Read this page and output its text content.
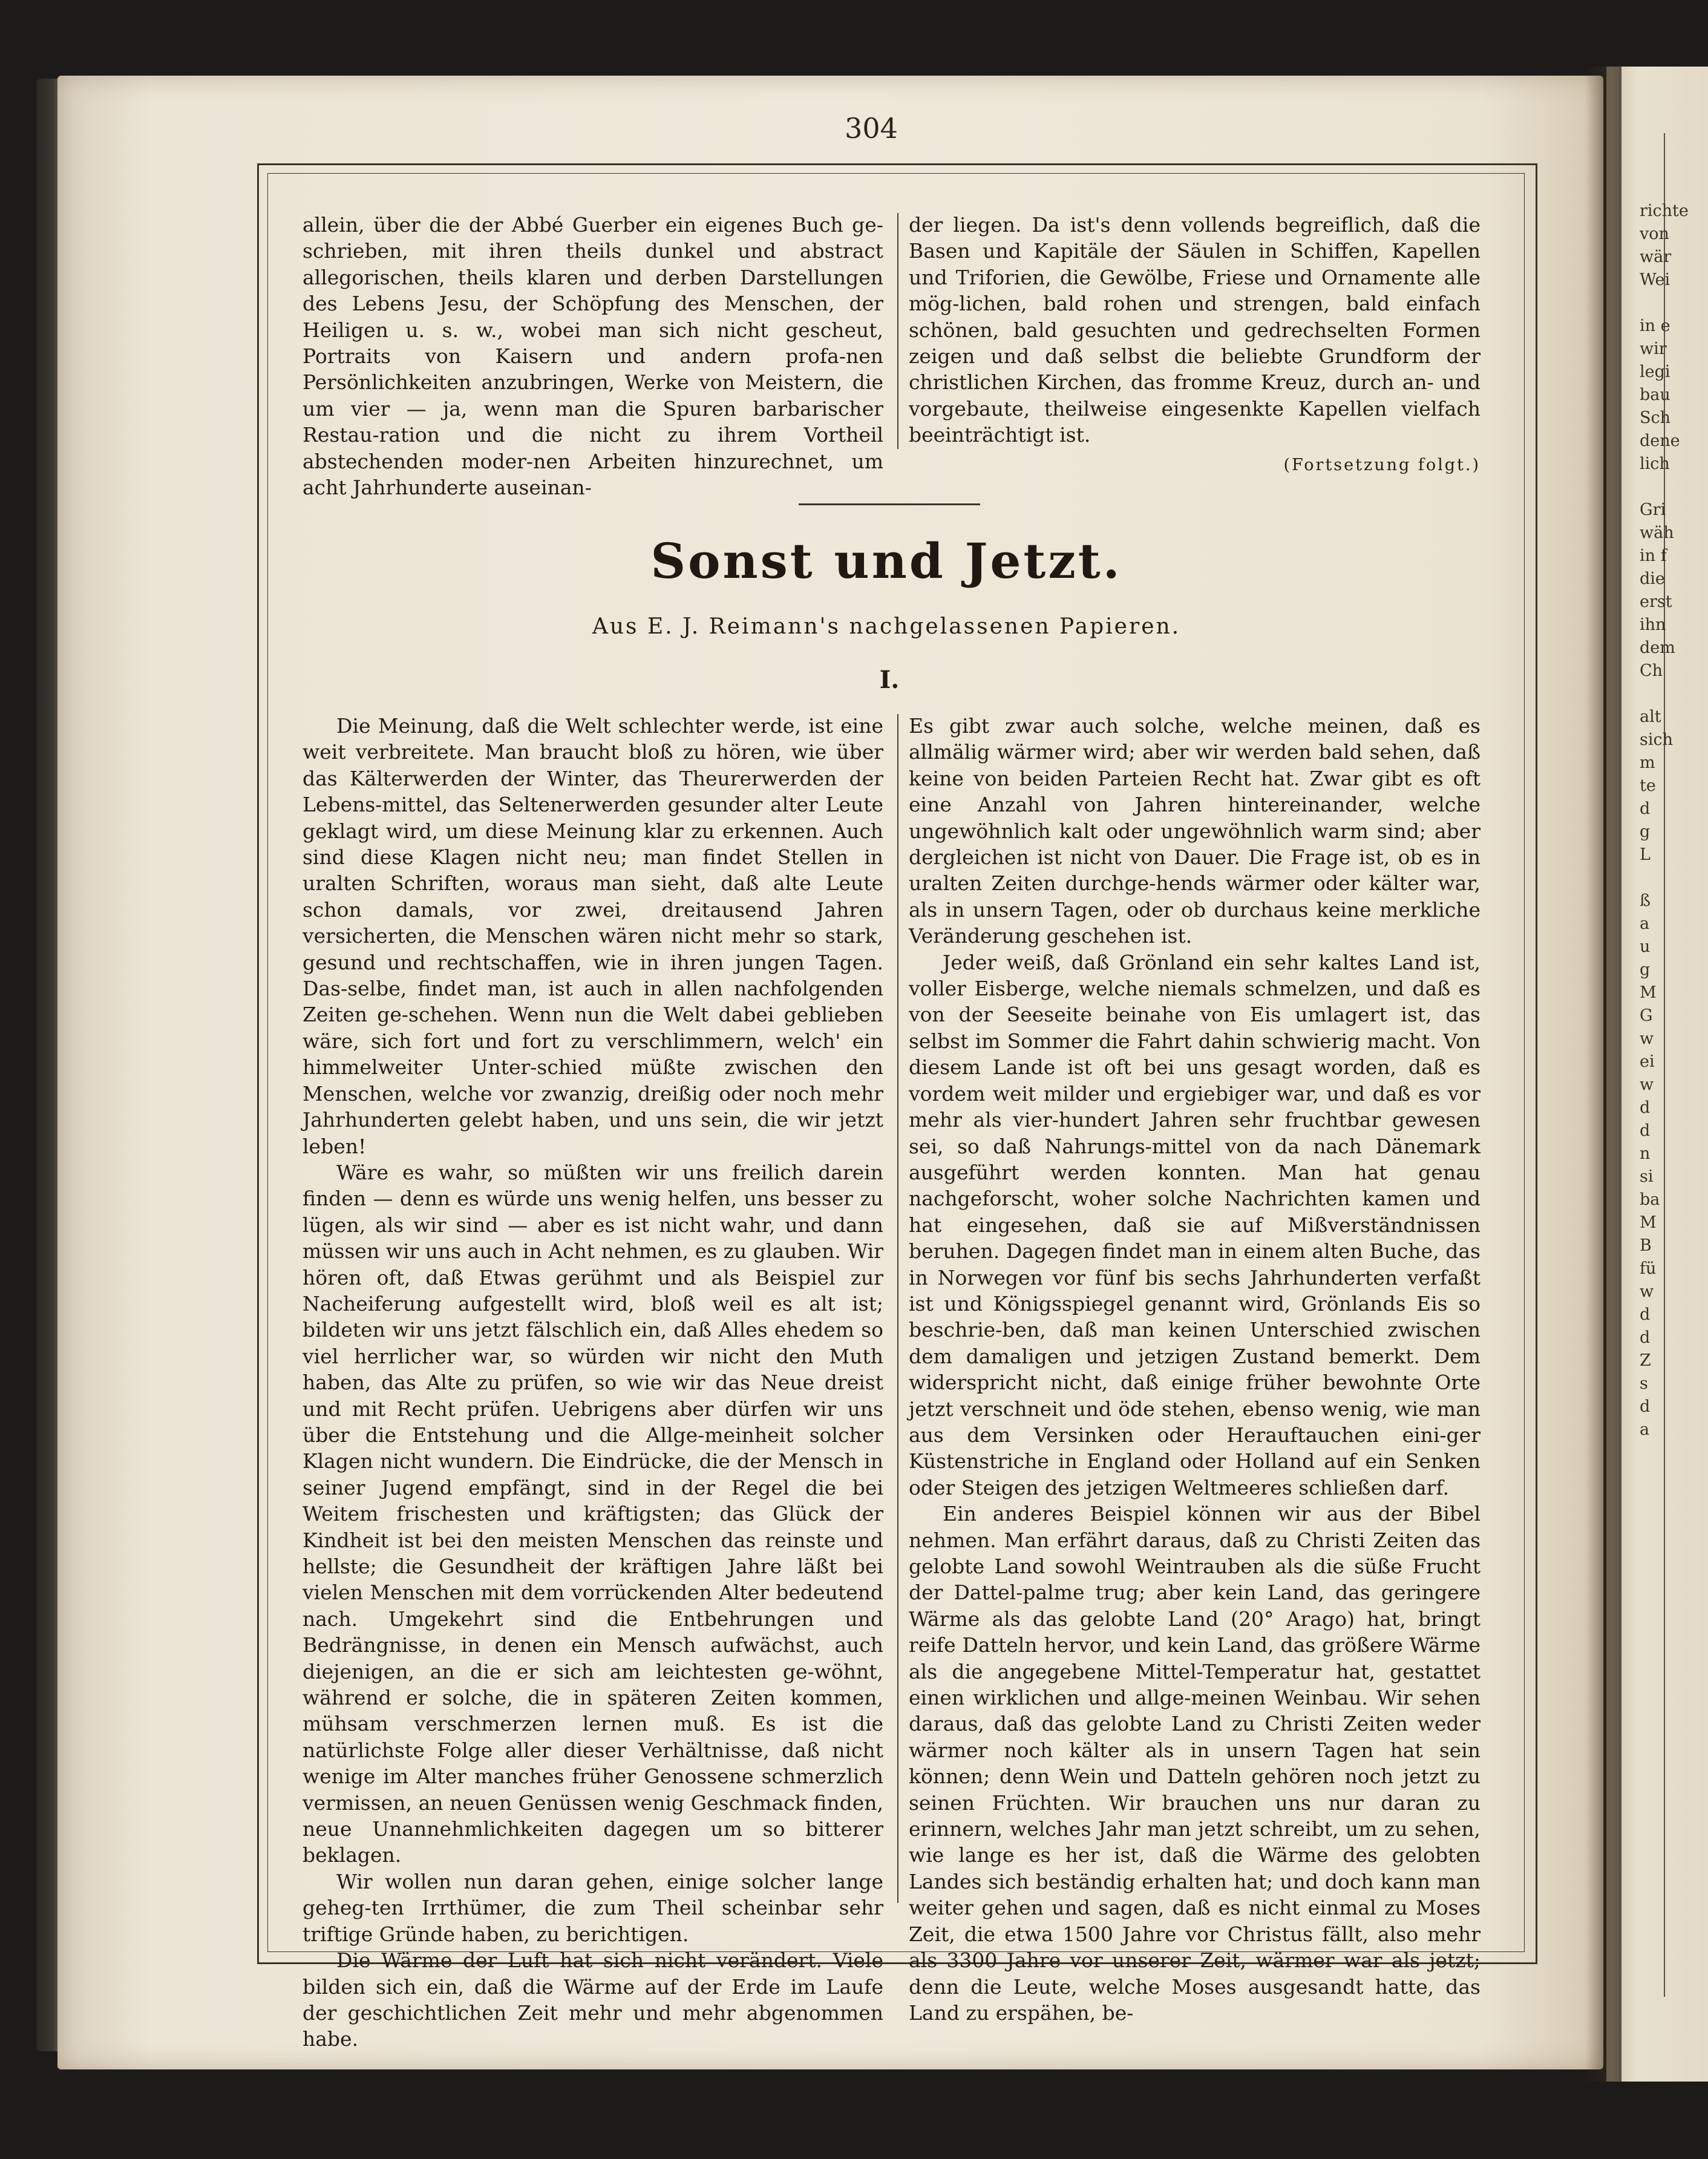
richte
von
wär
Wei
in e
wir
legi
bau
Sch
dene
lich
Gri
wäh
in f
die
erst
ihn
dem
Ch
alt
sich
m
te
d
g
L
ß
a
u
g
M
G
w
ei
w
d
d
n
si
ba
M
B
fü
w
d
d
Z
s
d
a
304

allein, über die der Abbé Guerber ein eigenes Buch ge-schrieben, mit ihren theils dunkel und abstract allegorischen, theils klaren und derben Darstellungen des Lebens Jesu, der Schöpfung des Menschen, der Heiligen u. s. w., wobei man sich nicht gescheut, Portraits von Kaisern und andern profa-nen Persönlichkeiten anzubringen, Werke von Meistern, die um vier — ja, wenn man die Spuren barbarischer Restau-ration und die nicht zu ihrem Vortheil abstechenden moder-nen Arbeiten hinzurechnet, um acht Jahrhunderte auseinan-

der liegen. Da ist's denn vollends begreiflich, daß die Basen und Kapitäle der Säulen in Schiffen, Kapellen und Triforien, die Gewölbe, Friese und Ornamente alle mög-lichen, bald rohen und strengen, bald einfach schönen, bald gesuchten und gedrechselten Formen zeigen und daß selbst die beliebte Grundform der christlichen Kirchen, das fromme Kreuz, durch an- und vorgebaute, theilweise eingesenkte Kapellen vielfach beeinträchtigt ist.

(Fortsetzung folgt.)

Sonst und Jetzt.
Aus E. J. Reimann's nachgelassenen Papieren.
I.

Die Meinung, daß die Welt schlechter werde, ist eine weit verbreitete. Man braucht bloß zu hören, wie über das Kälterwerden der Winter, das Theurerwerden der Lebens-mittel, das Seltenerwerden gesunder alter Leute geklagt wird, um diese Meinung klar zu erkennen. Auch sind diese Klagen nicht neu; man findet Stellen in uralten Schriften, woraus man sieht, daß alte Leute schon damals, vor zwei, dreitausend Jahren versicherten, die Menschen wären nicht mehr so stark, gesund und rechtschaffen, wie in ihren jungen Tagen. Das-selbe, findet man, ist auch in allen nachfolgenden Zeiten ge-schehen. Wenn nun die Welt dabei geblieben wäre, sich fort und fort zu verschlimmern, welch' ein himmelweiter Unter-schied müßte zwischen den Menschen, welche vor zwanzig, dreißig oder noch mehr Jahrhunderten gelebt haben, und uns sein, die wir jetzt leben!

Wäre es wahr, so müßten wir uns freilich darein finden — denn es würde uns wenig helfen, uns besser zu lügen, als wir sind — aber es ist nicht wahr, und dann müssen wir uns auch in Acht nehmen, es zu glauben. Wir hören oft, daß Etwas gerühmt und als Beispiel zur Nacheiferung aufgestellt wird, bloß weil es alt ist; bildeten wir uns jetzt fälschlich ein, daß Alles ehedem so viel herrlicher war, so würden wir nicht den Muth haben, das Alte zu prüfen, so wie wir das Neue dreist und mit Recht prüfen. Uebrigens aber dürfen wir uns über die Entstehung und die Allge-meinheit solcher Klagen nicht wundern. Die Eindrücke, die der Mensch in seiner Jugend empfängt, sind in der Regel die bei Weitem frischesten und kräftigsten; das Glück der Kindheit ist bei den meisten Menschen das reinste und hellste; die Gesundheit der kräftigen Jahre läßt bei vielen Menschen mit dem vorrückenden Alter bedeutend nach. Umgekehrt sind die Entbehrungen und Bedrängnisse, in denen ein Mensch aufwächst, auch diejenigen, an die er sich am leichtesten ge-wöhnt, während er solche, die in späteren Zeiten kommen, mühsam verschmerzen lernen muß. Es ist die natürlichste Folge aller dieser Verhältnisse, daß nicht wenige im Alter manches früher Genossene schmerzlich vermissen, an neuen Genüssen wenig Geschmack finden, neue Unannehmlichkeiten dagegen um so bitterer beklagen.

Wir wollen nun daran gehen, einige solcher lange geheg-ten Irrthümer, die zum Theil scheinbar sehr triftige Gründe haben, zu berichtigen.

Die Wärme der Luft hat sich nicht verändert. Viele bilden sich ein, daß die Wärme auf der Erde im Laufe der geschichtlichen Zeit mehr und mehr abgenommen habe.

Es gibt zwar auch solche, welche meinen, daß es allmälig wärmer wird; aber wir werden bald sehen, daß keine von beiden Parteien Recht hat. Zwar gibt es oft eine Anzahl von Jahren hintereinander, welche ungewöhnlich kalt oder ungewöhnlich warm sind; aber dergleichen ist nicht von Dauer. Die Frage ist, ob es in uralten Zeiten durchge-hends wärmer oder kälter war, als in unsern Tagen, oder ob durchaus keine merkliche Veränderung geschehen ist.

Jeder weiß, daß Grönland ein sehr kaltes Land ist, voller Eisberge, welche niemals schmelzen, und daß es von der Seeseite beinahe von Eis umlagert ist, das selbst im Sommer die Fahrt dahin schwierig macht. Von diesem Lande ist oft bei uns gesagt worden, daß es vordem weit milder und ergiebiger war, und daß es vor mehr als vier-hundert Jahren sehr fruchtbar gewesen sei, so daß Nahrungs-mittel von da nach Dänemark ausgeführt werden konnten. Man hat genau nachgeforscht, woher solche Nachrichten kamen und hat eingesehen, daß sie auf Mißverständnissen beruhen. Dagegen findet man in einem alten Buche, das in Norwegen vor fünf bis sechs Jahrhunderten verfaßt ist und Königsspiegel genannt wird, Grönlands Eis so beschrie-ben, daß man keinen Unterschied zwischen dem damaligen und jetzigen Zustand bemerkt. Dem widerspricht nicht, daß einige früher bewohnte Orte jetzt verschneit und öde stehen, ebenso wenig, wie man aus dem Versinken oder Herauftauchen eini-ger Küstenstriche in England oder Holland auf ein Senken oder Steigen des jetzigen Weltmeeres schließen darf.

Ein anderes Beispiel können wir aus der Bibel nehmen. Man erfährt daraus, daß zu Christi Zeiten das gelobte Land sowohl Weintrauben als die süße Frucht der Dattel-palme trug; aber kein Land, das geringere Wärme als das gelobte Land (20° Arago) hat, bringt reife Datteln hervor, und kein Land, das größere Wärme als die angegebene Mittel-Temperatur hat, gestattet einen wirklichen und allge-meinen Weinbau. Wir sehen daraus, daß das gelobte Land zu Christi Zeiten weder wärmer noch kälter als in unsern Tagen hat sein können; denn Wein und Datteln gehören noch jetzt zu seinen Früchten. Wir brauchen uns nur daran zu erinnern, welches Jahr man jetzt schreibt, um zu sehen, wie lange es her ist, daß die Wärme des gelobten Landes sich beständig erhalten hat; und doch kann man weiter gehen und sagen, daß es nicht einmal zu Moses Zeit, die etwa 1500 Jahre vor Christus fällt, also mehr als 3300 Jahre vor unserer Zeit, wärmer war als jetzt; denn die Leute, welche Moses ausgesandt hatte, das Land zu erspähen, be-
